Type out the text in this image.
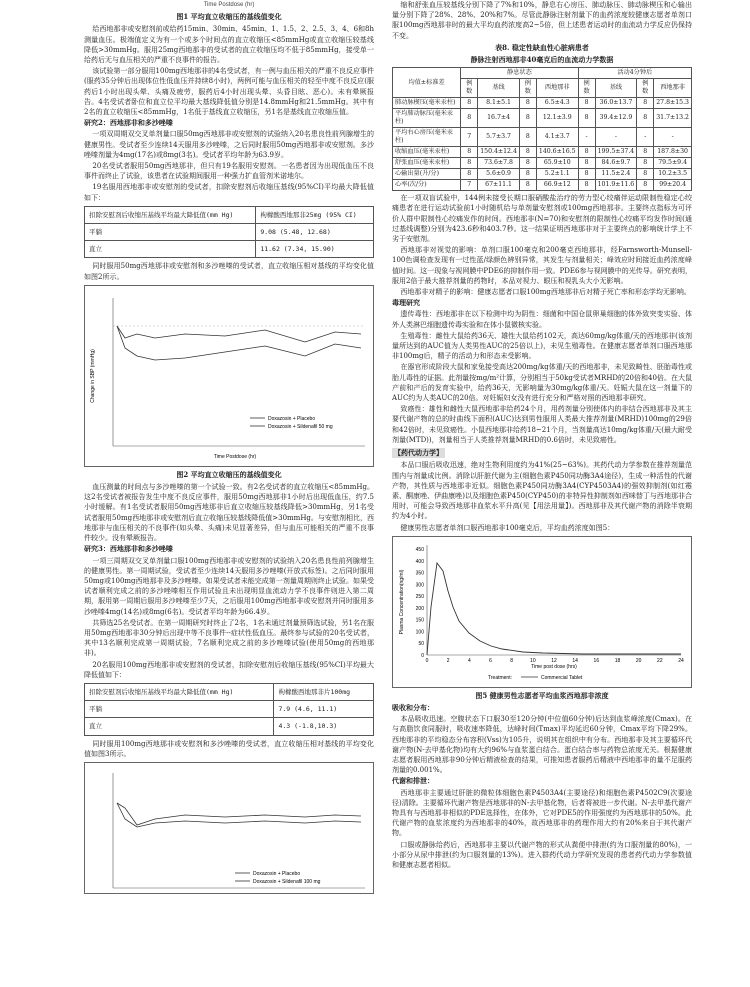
Time Postdose (hr)
图1 平均直立收缩压的基线值变化

给西地那非或安慰剂前或给药15min、30min、45min、1、1.5、2、2.5、3、4、6和8h测量血压。极端值定义为有一个或多个时间点的直立收缩压<85mmHg或直立收缩压较基线降低>30mmHg。服用25mg西地那非的受试者的直立收缩压均不低于85mmHg，接受单一给药后无与血压相关的严重不良事件的报告。

该试验第一部分服用100mg西地那非的4名受试者，有一例与血压相关的严重不良反应事件(服药35分钟后出现体位性低血压并持续8小时)，两例可能与血压相关的轻至中度不良反应(服药后1小时出现头晕、头痛及疲劳，服药后4小时出现头晕、头昏目眩、恶心)。未有晕厥报告。4名受试者卧位和直立位平均最大基线降低值分别是14.8mmHg和21.5mmHg。其中有2名的直立收缩压<85mmHg，1名低于基线直立收缩压，另1名是基线直立收缩压值。

研究2：西地那非和多沙唑嗪

一项双周期双交叉单剂量口服50mg西地那非或安慰剂的试验纳入20名患良性前列腺增生的健康男性。受试者至少连续14天服用多沙唑嗪，之后同时服用50mg西地那非或安慰剂。多沙唑嗪剂量为4mg(17名)或8mg(3名)。受试者平均年龄为63.9岁。

20名受试者服用50mg西地那非，但只有19名服用安慰剂。一名患者因为出现低血压不良事件而终止了试验，该患者在试验期间服用一种强力扩血管剂米诺地尔。

19名服用西地那非或安慰剂的受试者，扣除安慰剂后收缩压基线(95%CI)平均最大降低值如下：

扣除安慰剂后收缩压基线平均最大降低值(mm Hg)	枸橼酸西地那非25mg (95% CI)
平躺	9.08 (5.48, 12.68)
直立	11.62 (7.34, 15.90)

同时服用50mg西地那非或安慰剂和多沙唑嗪的受试者，直立收缩压相对基线的平均变化值如图2所示。

Change in SBP (mmHg)
Doxazosin + Placebo
Doxazosin + Sildenafil 50 mg
Time Postdose (hr)
图2 平均直立收缩压的基线值变化

血压测量的时间点与多沙唑嗪的第一个试验一致。有2名受试者的直立收缩压<85mmHg。这2名受试者被报告发生中度不良反应事件，服用50mg西地那非1小时后出现低血压，约7.5小时缓解。有1名受试者服用50mg西地那非后直立收缩压较基线降低>30mmHg，另1名受试者服用50mg西地那非或安慰剂后直立收缩压较基线降低值>30mmHg。与安慰剂相比，西地那非与血压相关的不良事件(如头晕、头痛)未见显著差异，但与血压可能相关的严重不良事件较少。没有晕厥报告。

研究3：西地那非和多沙唑嗪

一项三周期双交叉单剂量口服100mg西地那非或安慰剂的试验纳入20名患良性前列腺增生的健康男性。第一周期试验，受试者至少连续14天服用多沙唑嗪(开放式标签)。之后同时服用50mg或100mg西地那非及多沙唑嗪。如果受试者未能完成第一剂量周期则终止试验。如果受试者顺利完成之前的多沙唑嗪相互作用试验且未出现明显血流动力学不良事件则进入第二周期，服用第一周期后服用多沙唑嗪至少7天，之后服用100mg西地那非或安慰剂并同时服用多沙唑嗪4mg(14名)或8mg(6名)。受试者平均年龄为66.4岁。

共筛选25名受试者。在第一周期研究时终止了2名，1名未通过剂量预筛选试验，另1名在服用50mg西地那非30分钟后出现中等不良事件--症状性低血压。最终参与试验的20名受试者，其中13名顺利完成第一周期试验，7名顺利完成之前的多沙唑嗪试验(使用50mg的西地那非)。

20名服用100mg西地那非或安慰剂的受试者，扣除安慰剂后收缩压基线(95%CI)平均最大降低值如下：

扣除安慰剂后收缩压基线平均最大降低值(mm Hg)	枸橼酸西地那非片100mg
平躺	7.9 (4.6, 11.1)
直立	4.3 (-1.8,10.3)

同时服用100mg西地那非或安慰剂和多沙唑嗪的受试者，直立收缩压相对基线的平均变化值如图3所示。

Doxazosin + Placebo
Doxazosin + Sildenafil 100 mg

缩和舒张血压较基线分别下降了7%和10%，静息右心房压、肺动脉压、肺动脉楔压和心输出量分别下降了28%、28%、20%和7%。尽管此静脉注射剂量下的血药浓度较健康志愿者单剂口服100mg西地那非时的最大平均血药浓度高2~5倍，但上述患者运动时的血流动力学反应仍保持不变。

表8. 稳定性缺血性心脏病患者
静脉注射西地那非40毫克后的血流动力学数据
均值±标准差	静息状态				活动4分钟后			
	例数	基线	例数	西地那非	例数	基线	例数	西地那非
肺动脉楔压(毫米汞柱)	8	8.1±5.1	8	6.5±4.3	8	36.0±13.7	8	27.8±15.3
平均肺动脉压(毫米汞柱)	8	16.7±4	8	12.1±3.9	8	39.4±12.9	8	31.7±13.2
平均右心房压(毫米汞柱)	7	5.7±3.7	8	4.1±3.7	-	-	-	-
收缩血压(毫米汞柱)	8	150.4±12.4	8	140.6±16.5	8	199.5±37.4	8	187.8±30
舒张血压(毫米汞柱)	8	73.6±7.8	8	65.9±10	8	84.6±9.7	8	79.5±9.4
心输出量(升/分)	8	5.6±0.9	8	5.2±1.1	8	11.5±2.4	8	10.2±3.5
心率(次/分)	7	67±11.1	8	66.9±12	8	101.9±11.6	8	99±20.4

在一项双盲试验中，144例未接受长期口服硝酸盐治疗的劳力型心绞痛伴运动限制性稳定心绞痛患者在进行运动试验前1小时随机给与单剂量安慰剂或100mg西地那非。主要终点指标为可评价人群中限制性心绞痛发作的时间。西地那非(N=70)和安慰剂的限制性心绞痛平均发作时间(通过基线调整)分别为423.6秒和403.7秒。这一结果证明西地那非对于主要终点的影响统计学上不劣于安慰剂。

西地那非对视觉的影响：单剂口服100毫克和200毫克西地那非，经Farnsworth-Munsell-100色调检查发现有一过性蓝/绿颜色辨别异常，其发生与剂量相关；峰效应时间接近血药浓度峰值时间。这一现象与视网膜中PDE6的抑制作用一致。PDE6参与视网膜中的光传导。研究表明，服用2倍于最大推荐剂量的药物时，本品对视力、眼压和视乳头大小无影响。

西地那非对精子的影响：健康志愿者口服100mg西地那非后对精子死亡率和形态学均无影响。

毒理研究

遗传毒性：西地那非在以下检测中均为阴性：细菌和中国仓鼠卵巢细胞的体外致突变实验、体外人类淋巴细胞遗传毒实验和在体小鼠微核实验。

生殖毒性：雌性大鼠给药36天、雄性大鼠给药102天，高达60mg/kg体重/天的西地那非(该剂量所达到的AUC值为人类男性AUC的25倍以上)，未见生殖毒性。在健康志愿者单剂口服西地那非100mg后，精子的活动力和形态未受影响。

在器官形成阶段大鼠和家兔接受高达200mg/kg体重/天的西地那非，未见致畸性、胚胎毒性或胎儿毒性的证据。此剂量按mg/m²计算，分别相当于50kg受试者MRHD的20倍和40倍。在大鼠产前和产后的发育实验中，给药36天，无影响量为30mg/kg体重/天。妊娠大鼠在这一剂量下的AUC约为人类AUC的20倍。对妊娠妇女没有进行充分和严格对照的西地那非研究。

致癌性：雄性和雌性大鼠西地那非给药24个月，用药剂量分别使体内的非结合西地那非及其主要代谢产物的总的时曲线下面积(AUC)达到男性服用人类最大推荐剂量(MRHD)100mg的29倍和42倍时，未见致癌性。小鼠西地那非给药18~21个月，当剂量高达10mg/kg体重/天(最大耐受剂量(MTD))，剂量相当于人类推荐剂量MRHD的0.6倍时，未见致癌性。

【药代动力学】

本品口服后吸收迅速，绝对生物利用度约为41%(25~63%)。其药代动力学参数在推荐剂量范围内与剂量成比例。消除以肝脏代谢为主(细胞色素P450同功酶3A4途径)，生成一种活性的代谢产物，其性质与西地那非近似。细胞色素P450同功酶3A4(CYP4503A4)的强效抑制剂(如红霉素、酮康唑、伊曲康唑)以及细胞色素P450(CYP450)的非特异性抑制剂如西咪替丁与西地那非合用时，可能会导致西地那非血浆水平升高(见【用法用量】)。西地那非及其代谢产物的消除半衰期约为4小时。

健康男性志愿者单剂口服西地那非100毫克后，平均血药浓度如图5：

Plasma Concentration(ng/ml)
0	2	4	6	8	10	12	14	16	18	20	22	24
0
50
100
150
200
250
300
350
400
450
Time post dose (hrs)
Treatment:	Commercial Tablet
图5 健康男性志愿者平均血浆西地那非浓度
吸收和分布：

本品吸收迅速。空腹状态下口服30至120分钟(中位值60分钟)后达到血浆峰浓度(Cmax)。在与高脂饮食同服时，吸收速率降低，达峰时间(Tmax)平均延迟60分钟，Cmax平均下降29%。西地那非的平均稳态分布容积(Vss)为105升，说明其在组织中有分布。西地那非及其主要循环代谢产物(N-去甲基化物)均有大约96%与血浆蛋白结合。蛋白结合率与药物总浓度无关。根据健康志愿者服用西地那非90分钟后精液检查的结果，可推知患者服药后精液中西地那非的量不足服药剂量的0.001%。

代谢和排泄：

西地那非主要通过肝脏的微粒体细胞色素P4503A4(主要途径)和细胞色素P4502C9(次要途径)清除。主要循环代谢产物是西地那非的N-去甲基化物，后者将被进一步代谢。N-去甲基代谢产物具有与西地那非相似的PDE选择性，在体外，它对PDE5的作用强度约为西地那非的50%。此代谢产物的血浆浓度约为西地那非的40%，故西地那非的药理作用大约有20%来自于其代谢产物。

口服或静脉给药后，西地那非主要以代谢产物的形式从粪便中排泄(约为口服剂量的80%)，一小部分从尿中排泄(约为口服剂量的13%)。进入群药代动力学研究发现的患者药代动力学参数值和健康志愿者相似。
